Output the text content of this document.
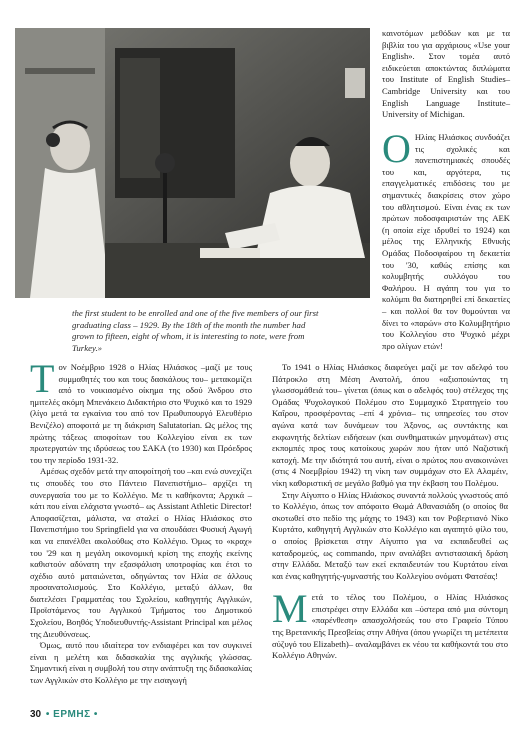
the first student to be enrolled and one of the five members of our first graduating class – 1929. By the 18th of the month the number had grown to fifteen, eight of whom, it is interesting to note, were from Turkey.»

Τον Νοέμβριο 1928 ο Ηλίας Ηλιάσκος –μαζί με τους συμμαθητές του και τους δασκάλους του– μετακομίζει από το νοικιασμένο οίκημα της οδού Άνδρου στο ημιτελές ακόμη Μπενάκειο Διδακτήριο στο Ψυχικό και το 1929 (λίγο μετά τα εγκαίνια του από τον Πρωθυπουργό Ελευθέριο Βενιζέλο) αποφοιτά με τη διάκριση Salutatorian. Ως μέλος της πρώτης τάξεως αποφοίτων του Κολλεγίου είναι εκ των πρωτεργατών της ιδρύσεως του ΣΑΚΑ (το 1930) και Πρόεδρος του την περίοδο 1931-32.

Αμέσως σχεδόν μετά την αποφοίτησή του –και ενώ συνεχίζει τις σπουδές του στο Πάντειο Πανεπιστήμιο– αρχίζει τη συνεργασία του με το Κολλέγιο. Με τι καθήκοντα; Αρχικά –κάτι που είναι ελάχιστα γνωστό– ως Assistant Athletic Director! Αποφασίζεται, μάλιστα, να σταλεί ο Ηλίας Ηλιάσκος στο Πανεπιστήμιο του Springfield για να σπουδάσει Φυσική Αγωγή και να επανέλθει ακολούθως στο Κολλέγιο. Όμως το «κραχ» του '29 και η μεγάλη οικονομική κρίση της εποχής εκείνης καθιστούν αδύνατη την εξασφάλιση υποτροφίας και έτσι το σχέδιο αυτό ματαιώνεται, οδηγώντας τον Ηλία σε άλλους προσανατολισμούς. Στο Κολλέγιο, μεταξύ άλλων, θα διατελέσει Γραμματέας του Σχολείου, καθηγητής Αγγλικών, Προϊστάμενος του Αγγλικού Τμήματος του Δημοτικού Σχολείου, Βοηθός Υποδιευθυντής-Assistant Principal και μέλος της Διευθύνσεως.

Όμως, αυτό που ιδιαίτερα τον ενδιαφέρει και τον συγκινεί είναι η μελέτη και διδασκαλία της αγγλικής γλώσσας. Σημαντική είναι η συμβολή του στην ανάπτυξη της διδασκαλίας των Αγγλικών στο Κολλέγιο με την εισαγωγή

καινοτόμων μεθόδων και με τα βιβλία του για αρχάριους «Use your English». Στον τομέα αυτό ειδικεύεται αποκτώντας διπλώματα του Institute of English Studies–Cambridge University και του English Language Institute–University of Michigan.

Ο Ηλίας Ηλιάσκος συνδυάζει τις σχολικές και πανεπιστημιακές σπουδές του και, αργότερα, τις επαγγελματικές επιδόσεις του με σημαντικές διακρίσεις στον χώρο του αθλητισμού. Είναι ένας εκ των πρώτων ποδοσφαιριστών της ΑΕΚ (η οποία είχε ιδρυθεί το 1924) και μέλος της Ελληνικής Εθνικής Ομάδας Ποδοσφαίρου τη δεκαετία του '30, καθώς επίσης και κολυμβητής συλλόγου του Φαλήρου. Η αγάπη του για το κολύμπι θα διατηρηθεί επί δεκαετίες – και πολλοί θα τον θυμούνται να δίνει το «παρών» στο Κολυμβητήριο του Κολλεγίου στο Ψυχικό μέχρι προ ολίγων ετών!

Το 1941 ο Ηλίας Ηλιάσκος διαφεύγει μαζί με τον αδελφό του Πάτροκλο στη Μέση Ανατολή, όπου «αξιοποιώντας τη γλωσσομάθειά του– γίνεται (όπως και ο αδελφός του) στέλεχος της Ομάδας Ψυχολογικού Πολέμου στο Συμμαχικό Στρατηγείο του Καΐρου, προσφέροντας –επί 4 χρόνια– τις υπηρεσίες του στον αγώνα κατά των δυνάμεων του Άξονος, ως συντάκτης και εκφωνητής δελτίων ειδήσεων (και συνθηματικών μηνυμάτων) στις εκπομπές προς τους κατοίκους χωρών που ήταν υπό Ναζιστική κατοχή. Με την ιδιότητά του αυτή, είναι ο πρώτος που ανακοινώνει (στις 4 Νοεμβρίου 1942) τη νίκη των συμμάχων στο Ελ Αλαμέιν, νίκη καθοριστική σε μεγάλο βαθμό για την έκβαση του Πολέμου.

Στην Αίγυπτο ο Ηλίας Ηλιάσκος συναντά πολλούς γνωστούς από το Κολλέγιο, όπως τον απόφοιτο Θωμά Αθανασιάδη (ο οποίος θα σκοτωθεί στο πεδίο της μάχης το 1943) και τον Ροβερτιανό Νίκο Κυρτάτο, καθηγητή Αγγλικών στο Κολλέγιο και αγαπητό φίλο του, ο οποίος βρίσκεται στην Αίγυπτο για να εκπαιδευθεί ως καταδρομεύς, ως commando, πριν αναλάβει αντιστασιακή δράση στην Ελλάδα. Μεταξύ των εκεί εκπαιδευτών του Κυρτάτου είναι και ένας καθηγητής-γυμναστής του Κολλεγίου ονόματι Φατσέας!

Μετά το τέλος του Πολέμου, ο Ηλίας Ηλιάσκος επιστρέφει στην Ελλάδα και –ύστερα από μια σύντομη «παρένθεση» απασχολήσεώς του στο Γραφείο Τύπου της Βρετανικής Πρεσβείας στην Αθήνα (όπου γνωρίζει τη μετέπειτα σύζυγό του Elizabeth)– αναλαμβάνει εκ νέου τα καθήκοντά του στο Κολλέγιο Αθηνών.

30 • ΕΡΜΗΣ •
